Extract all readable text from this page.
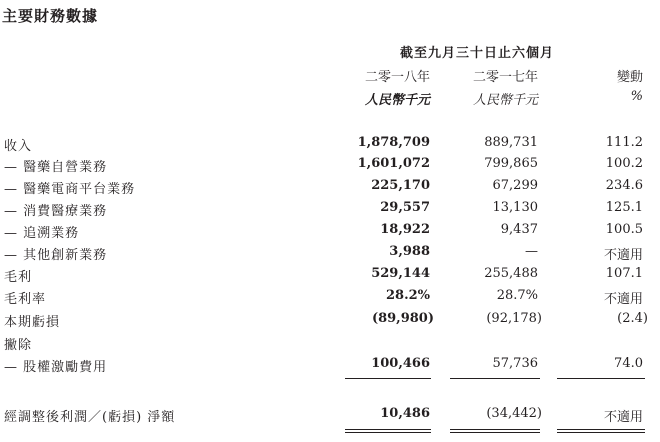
主要財務數據
截至九月三十日止六個月
二零一八年	二零一七年	變動
人民幣千元	人民幣千元	%
收入	1,878,709	889,731	111.2
— 醫藥自營業務	1,601,072	799,865	100.2
— 醫藥電商平台業務	225,170	67,299	234.6
— 消費醫療業務	29,557	13,130	125.1
— 追溯業務	18,922	9,437	100.5
— 其他創新業務	3,988	—	不適用
毛利	529,144	255,488	107.1
毛利率	28.2%	28.7%	不適用
本期虧損	(89,980)	(92,178)	(2.4)
撇除
— 股權激勵費用	100,466	57,736	74.0
經調整後利潤／(虧損) 淨額	10,486	(34,442)	不適用
